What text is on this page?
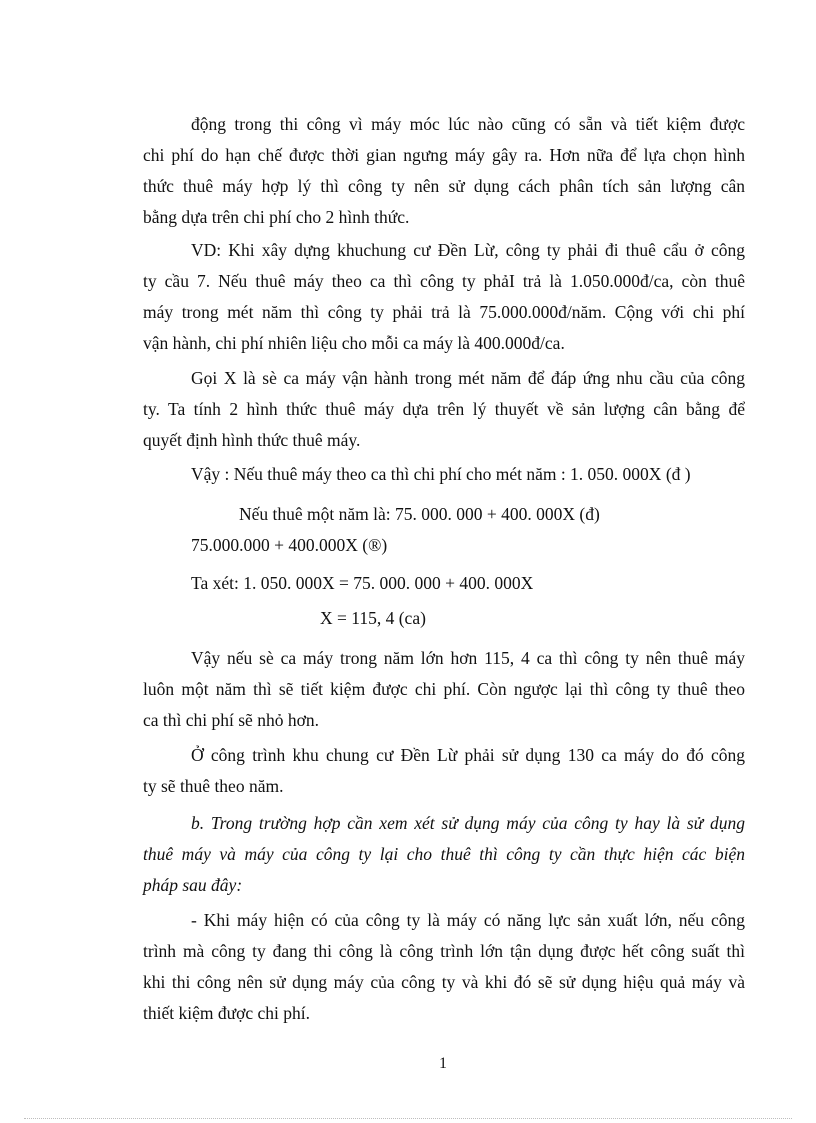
động trong thi công vì máy móc lúc nào cũng có sẵn và tiết kiệm được
chi phí do hạn chế được thời gian ngưng máy gây ra. Hơn nữa để lựa chọn hình
thức thuê máy hợp lý thì công ty nên sử dụng cách phân tích sản lượng cân
bằng dựa trên chi phí cho 2 hình thức.
VD: Khi xây dựng khuchung cư Đền Lừ, công ty phải đi thuê cẩu ở công
ty cầu 7. Nếu thuê máy theo ca thì công ty phảI trả là 1.050.000đ/ca, còn thuê
máy trong mét năm thì công ty phải trả là 75.000.000đ/năm. Cộng với chi phí
vận hành, chi phí nhiên liệu cho mỗi ca máy là 400.000đ/ca.
Gọi X là sè ca máy vận hành trong mét năm để đáp ứng nhu cầu của công
ty. Ta tính 2 hình thức thuê máy dựa trên lý thuyết về sản lượng cân bằng để
quyết định hình thức thuê máy.
Vậy : Nếu thuê máy theo ca thì chi phí cho mét năm : 1. 050. 000X (đ )
Nếu thuê một năm là: 75. 000. 000 + 400. 000X (đ)
75.000.000 + 400.000X (®)
Ta xét: 1. 050. 000X = 75. 000. 000 + 400. 000X
X = 115, 4 (ca)
Vậy nếu sè ca máy trong năm lớn hơn 115, 4 ca thì công ty nên thuê máy
luôn một năm thì sẽ tiết kiệm được chi phí. Còn ngược lại thì công ty thuê theo
ca thì chi phí sẽ nhỏ hơn.
Ở công trình khu chung cư Đền Lừ phải sử dụng 130 ca máy do đó công
ty sẽ thuê theo năm.
b. Trong trường hợp cần xem xét sử dụng máy của công ty hay là sử dụng
thuê máy và máy của công ty lại cho thuê thì công ty cần thực hiện các biện
pháp sau đây:
- Khi máy hiện có của công ty là máy có năng lực sản xuất lớn, nếu công
trình mà công ty đang thi công là công trình lớn tận dụng được hết công suất thì
khi thi công nên sử dụng máy của công ty và khi đó sẽ sử dụng hiệu quả máy và
thiết kiệm được chi phí.
1
